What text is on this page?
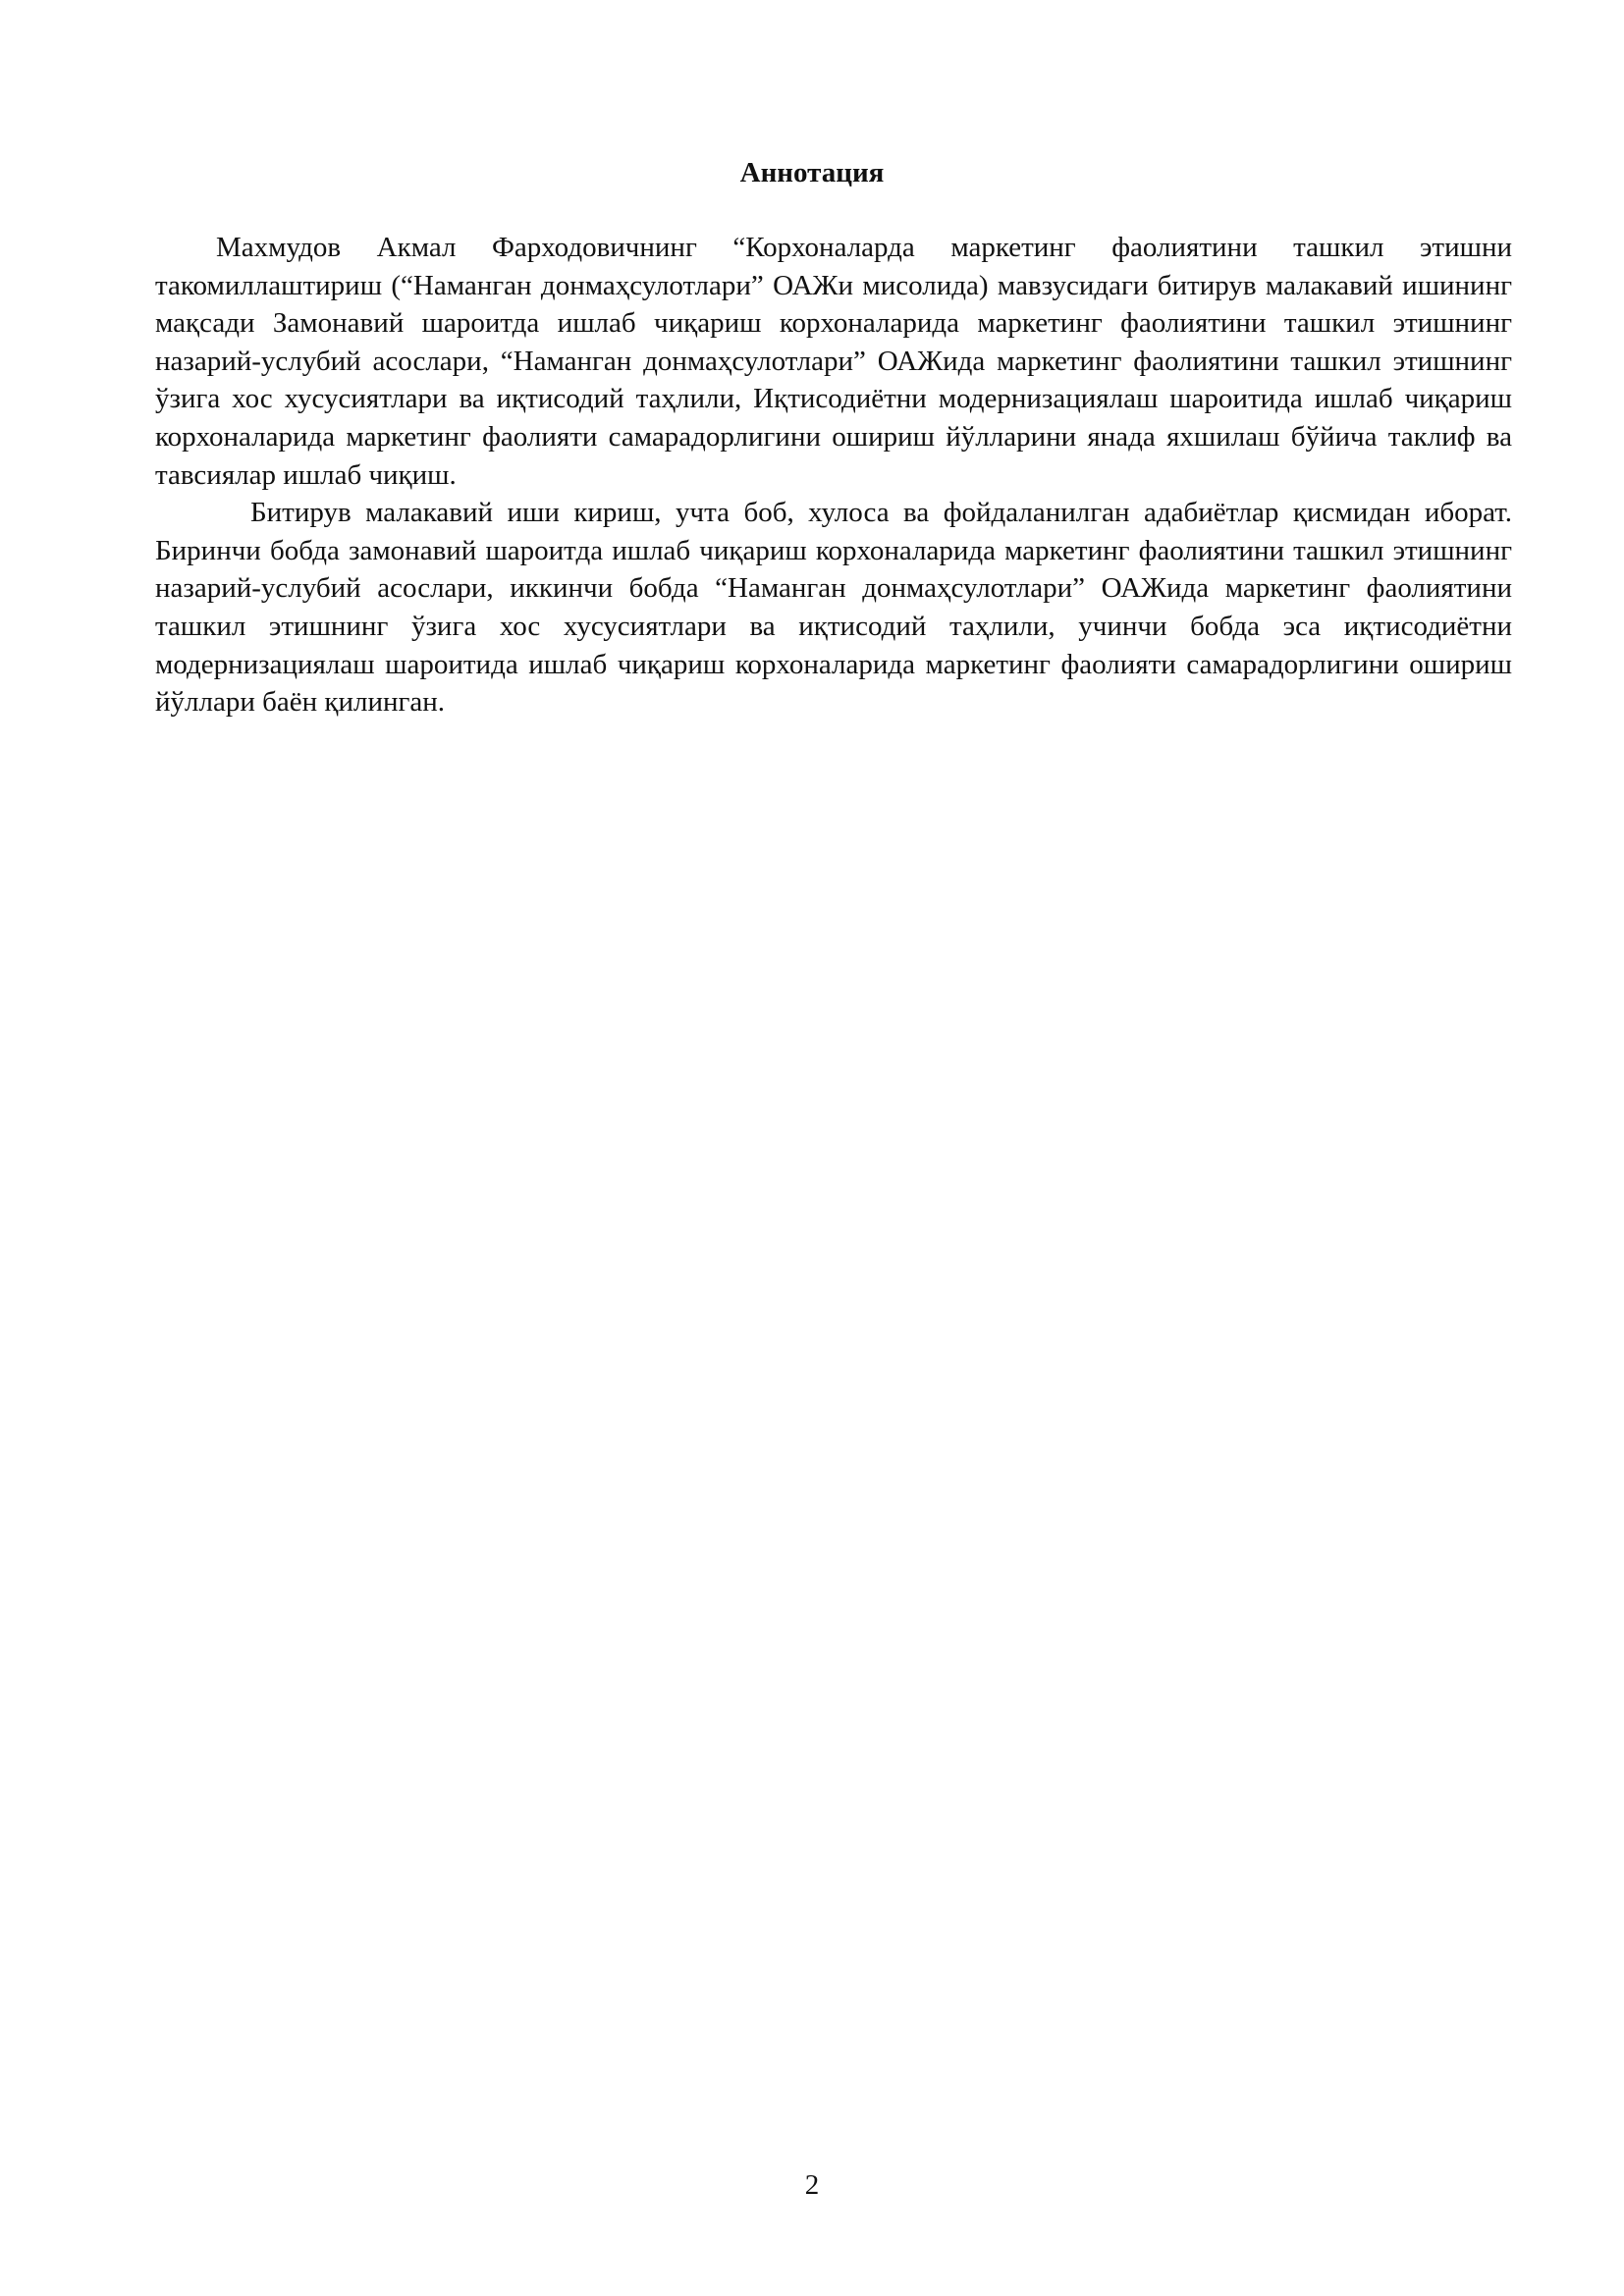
Аннотация

Махмудов Акмал Фарходовичнинг “Корхоналарда маркетинг фаолиятини ташкил этишни такомиллаштириш (“Наманган донмаҳсулотлари” ОАЖи мисолида) мавзусидаги битирув малакавий ишининг мақсади Замонавий шароитда ишлаб чиқариш корхоналарида маркетинг фаолиятини ташкил этишнинг назарий-услубий асослари, “Наманган донмаҳсулотлари” ОАЖида маркетинг фаолиятини ташкил этишнинг ўзига хос хусусиятлари ва иқтисодий таҳлили, Иқтисодиётни модернизациялаш шароитида ишлаб чиқариш корхоналарида маркетинг фаолияти самарадорлигини ошириш йўлларини янада яхшилаш бўйича таклиф ва тавсиялар ишлаб чиқиш.

Битирув малакавий иши кириш, учта боб, хулоса ва фойдаланилган адабиётлар қисмидан иборат. Биринчи бобда замонавий шароитда ишлаб чиқариш корхоналарида маркетинг фаолиятини ташкил этишнинг назарий-услубий асослари, иккинчи бобда “Наманган донмаҳсулотлари” ОАЖида маркетинг фаолиятини ташкил этишнинг ўзига хос хусусиятлари ва иқтисодий таҳлили, учинчи бобда эса иқтисодиётни модернизациялаш шароитида ишлаб чиқариш корхоналарида маркетинг фаолияти самарадорлигини ошириш йўллари баён қилинган.

2
